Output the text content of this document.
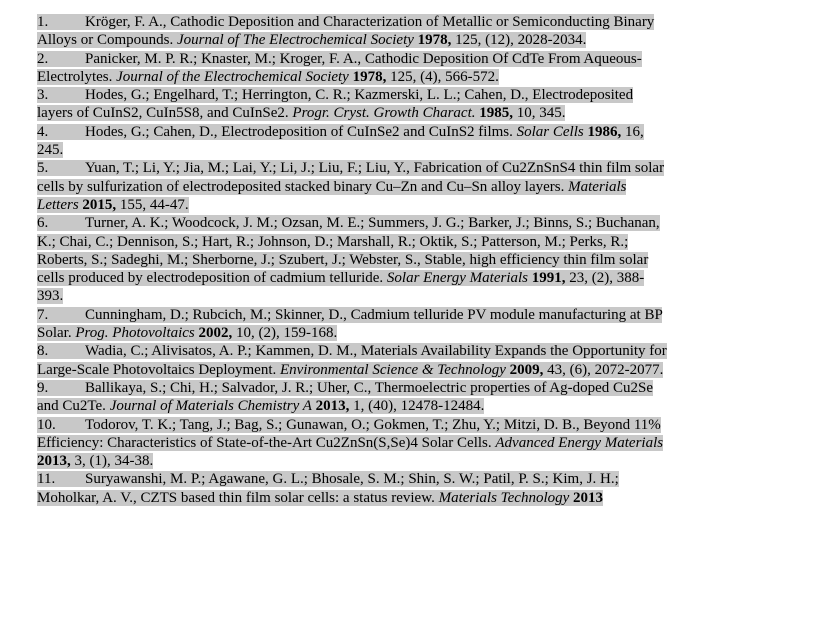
1. Kröger, F. A., Cathodic Deposition and Characterization of Metallic or Semiconducting Binary Alloys or Compounds. Journal of The Electrochemical Society 1978, 125, (12), 2028-2034.

2. Panicker, M. P. R.; Knaster, M.; Kroger, F. A., Cathodic Deposition Of CdTe From Aqueous-Electrolytes. Journal of the Electrochemical Society 1978, 125, (4), 566-572.

3. Hodes, G.; Engelhard, T.; Herrington, C. R.; Kazmerski, L. L.; Cahen, D., Electrodeposited layers of CuInS2, CuIn5S8, and CuInSe2. Progr. Cryst. Growth Charact. 1985, 10, 345.

4. Hodes, G.; Cahen, D., Electrodeposition of CuInSe2 and CuInS2 films. Solar Cells 1986, 16, 245.

5. Yuan, T.; Li, Y.; Jia, M.; Lai, Y.; Li, J.; Liu, F.; Liu, Y., Fabrication of Cu2ZnSnS4 thin film solar cells by sulfurization of electrodeposited stacked binary Cu–Zn and Cu–Sn alloy layers. Materials Letters 2015, 155, 44-47.

6. Turner, A. K.; Woodcock, J. M.; Ozsan, M. E.; Summers, J. G.; Barker, J.; Binns, S.; Buchanan, K.; Chai, C.; Dennison, S.; Hart, R.; Johnson, D.; Marshall, R.; Oktik, S.; Patterson, M.; Perks, R.; Roberts, S.; Sadeghi, M.; Sherborne, J.; Szubert, J.; Webster, S., Stable, high efficiency thin film solar cells produced by electrodeposition of cadmium telluride. Solar Energy Materials 1991, 23, (2), 388-393.

7. Cunningham, D.; Rubcich, M.; Skinner, D., Cadmium telluride PV module manufacturing at BP Solar. Prog. Photovoltaics 2002, 10, (2), 159-168.

8. Wadia, C.; Alivisatos, A. P.; Kammen, D. M., Materials Availability Expands the Opportunity for Large-Scale Photovoltaics Deployment. Environmental Science & Technology 2009, 43, (6), 2072-2077.

9. Ballikaya, S.; Chi, H.; Salvador, J. R.; Uher, C., Thermoelectric properties of Ag-doped Cu2Se and Cu2Te. Journal of Materials Chemistry A 2013, 1, (40), 12478-12484.

10. Todorov, T. K.; Tang, J.; Bag, S.; Gunawan, O.; Gokmen, T.; Zhu, Y.; Mitzi, D. B., Beyond 11% Efficiency: Characteristics of State-of-the-Art Cu2ZnSn(S,Se)4 Solar Cells. Advanced Energy Materials 2013, 3, (1), 34-38.

11. Suryawanshi, M. P.; Agawane, G. L.; Bhosale, S. M.; Shin, S. W.; Patil, P. S.; Kim, J. H.; Moholkar, A. V., CZTS based thin film solar cells: a status review. Materials Technology 2013
